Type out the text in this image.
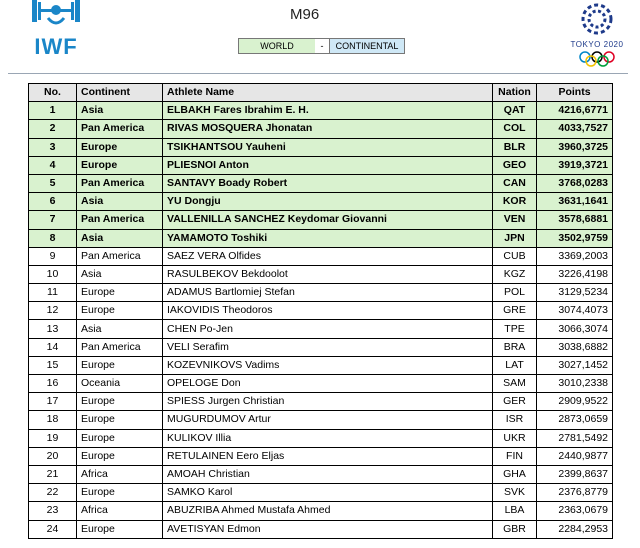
IWF
M96
WORLD	-	CONTINENTAL	TOKYO 2020
No.	Continent	Athlete Name	Nation	Points
1	Asia	ELBAKH Fares Ibrahim E. H.	QAT	4216,6771
2	Pan America	RIVAS MOSQUERA Jhonatan	COL	4033,7527
3	Europe	TSIKHANTSOU Yauheni	BLR	3960,3725
4	Europe	PLIESNOI Anton	GEO	3919,3721
5	Pan America	SANTAVY Boady Robert	CAN	3768,0283
6	Asia	YU Dongju	KOR	3631,1641
7	Pan America	VALLENILLA SANCHEZ Keydomar Giovanni	VEN	3578,6881
8	Asia	YAMAMOTO Toshiki	JPN	3502,9759
9	Pan America	SAEZ VERA Olfides	CUB	3369,2003
10	Asia	RASULBEKOV Bekdoolot	KGZ	3226,4198
11	Europe	ADAMUS Bartlomiej Stefan	POL	3129,5234
12	Europe	IAKOVIDIS Theodoros	GRE	3074,4073
13	Asia	CHEN Po-Jen	TPE	3066,3074
14	Pan America	VELI Serafim	BRA	3038,6882
15	Europe	KOZEVNIKOVS Vadims	LAT	3027,1452
16	Oceania	OPELOGE Don	SAM	3010,2338
17	Europe	SPIESS Jurgen Christian	GER	2909,9522
18	Europe	MUGURDUMOV Artur	ISR	2873,0659
19	Europe	KULIKOV Illia	UKR	2781,5492
20	Europe	RETULAINEN Eero Eljas	FIN	2440,9877
21	Africa	AMOAH Christian	GHA	2399,8637
22	Europe	SAMKO Karol	SVK	2376,8779
23	Africa	ABUZRIBA Ahmed Mustafa Ahmed	LBA	2363,0679
24	Europe	AVETISYAN Edmon	GBR	2284,2953
